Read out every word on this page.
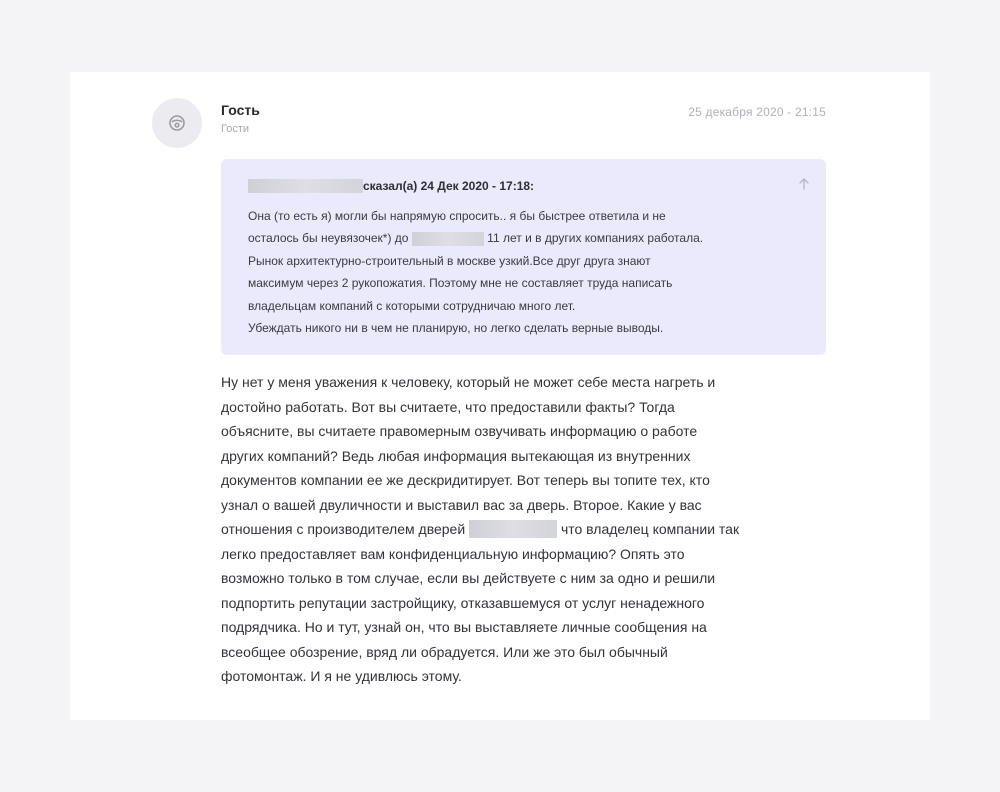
Гость
Гости
25 декабря 2020 - 21:15
сказал(а) 24 Дек 2020 - 17:18:
Она (то есть я) могли бы напрямую спросить.. я бы быстрее ответила и не
осталось бы неувязочек*) до	11 лет и в других компаниях работала.
Рынок архитектурно-строительный в москве узкий.Все друг друга знают
максимум через 2 рукопожатия. Поэтому мне не составляет труда написать
владельцам компаний с которыми сотрудничаю много лет.
Убеждать никого ни в чем не планирую, но легко сделать верные выводы.
Ну нет у меня уважения к человеку, который не может себе места нагреть и
достойно работать. Вот вы считаете, что предоставили факты? Тогда
объясните, вы считаете правомерным озвучивать информацию о работе
других компаний? Ведь любая информация вытекающая из внутренних
документов компании ее же дескридитирует. Вот теперь вы топите тех, кто
узнал о вашей двуличности и выставил вас за дверь. Второе. Какие у вас
отношения с производителем дверей	что владелец компании так
легко предоставляет вам конфиденциальную информацию? Опять это
возможно только в том случае, если вы действуете с ним за одно и решили
подпортить репутации застройщику, отказавшемуся от услуг ненадежного
подрядчика. Но и тут, узнай он, что вы выставляете личные сообщения на
всеобщее обозрение, вряд ли обрадуется. Или же это был обычный
фотомонтаж. И я не удивлюсь этому.
